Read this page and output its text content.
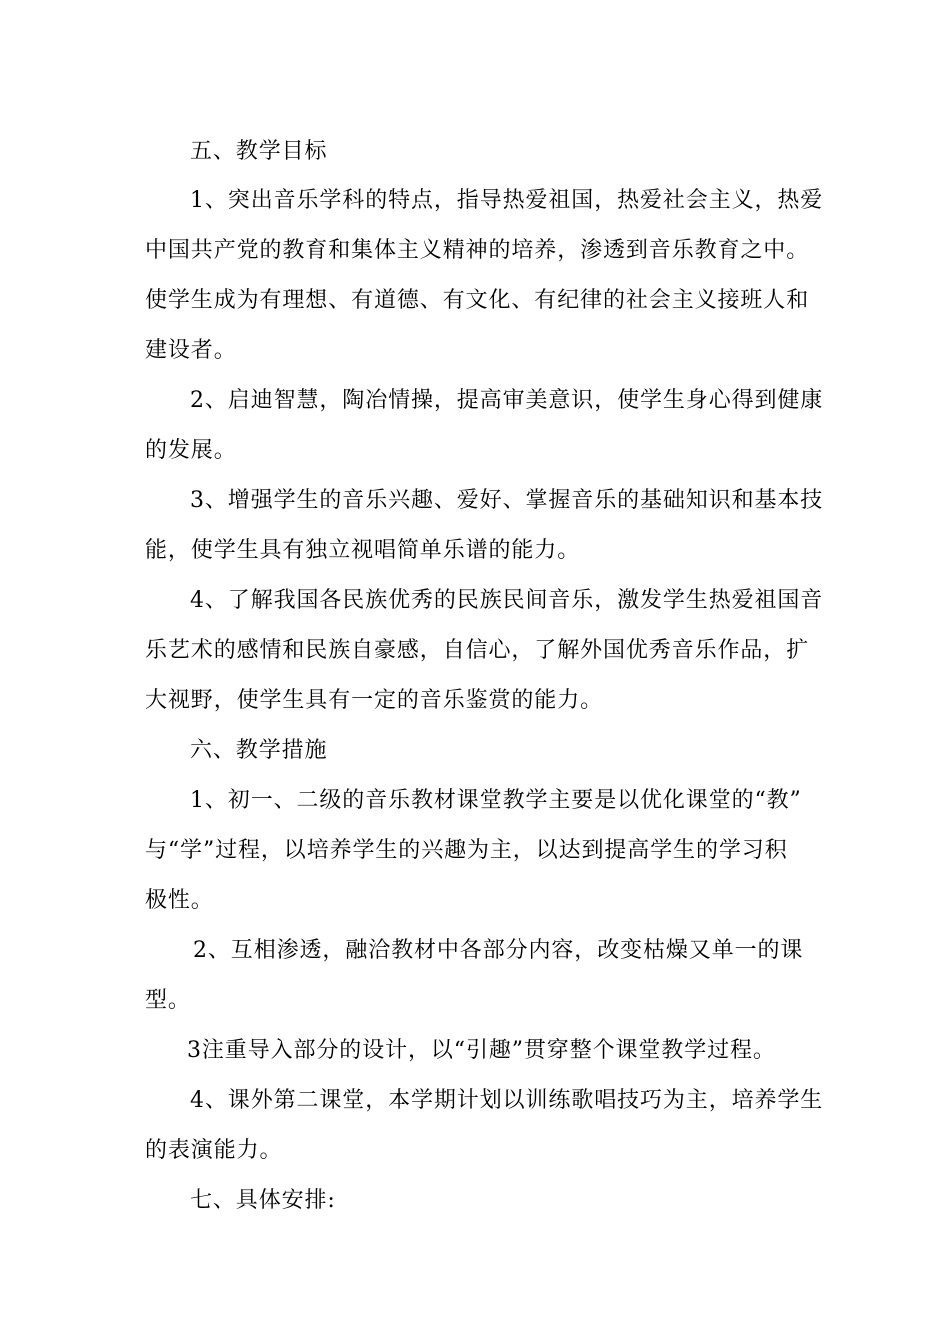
五、教学目标
1、突出音乐学科的特点，指导热爱祖国，热爱社会主义，热爱
中国共产党的教育和集体主义精神的培养，渗透到音乐教育之中。
使学生成为有理想、有道德、有文化、有纪律的社会主义接班人和
建设者。
2、启迪智慧，陶冶情操，提高审美意识，使学生身心得到健康
的发展。
3、增强学生的音乐兴趣、爱好、掌握音乐的基础知识和基本技
能，使学生具有独立视唱简单乐谱的能力。
4、了解我国各民族优秀的民族民间音乐，激发学生热爱祖国音
乐艺术的感情和民族自豪感，自信心，了解外国优秀音乐作品，扩
大视野，使学生具有一定的音乐鉴赏的能力。
六、教学措施
1、初一、二级的音乐教材课堂教学主要是以优化课堂的“教”
与“学”过程，以培养学生的兴趣为主，以达到提高学生的学习积
极性。
2、互相渗透，融洽教材中各部分内容，改变枯燥又单一的课
型。
3注重导入部分的设计，以“引趣”贯穿整个课堂教学过程。
4、课外第二课堂，本学期计划以训练歌唱技巧为主，培养学生
的表演能力。
七、具体安排:
